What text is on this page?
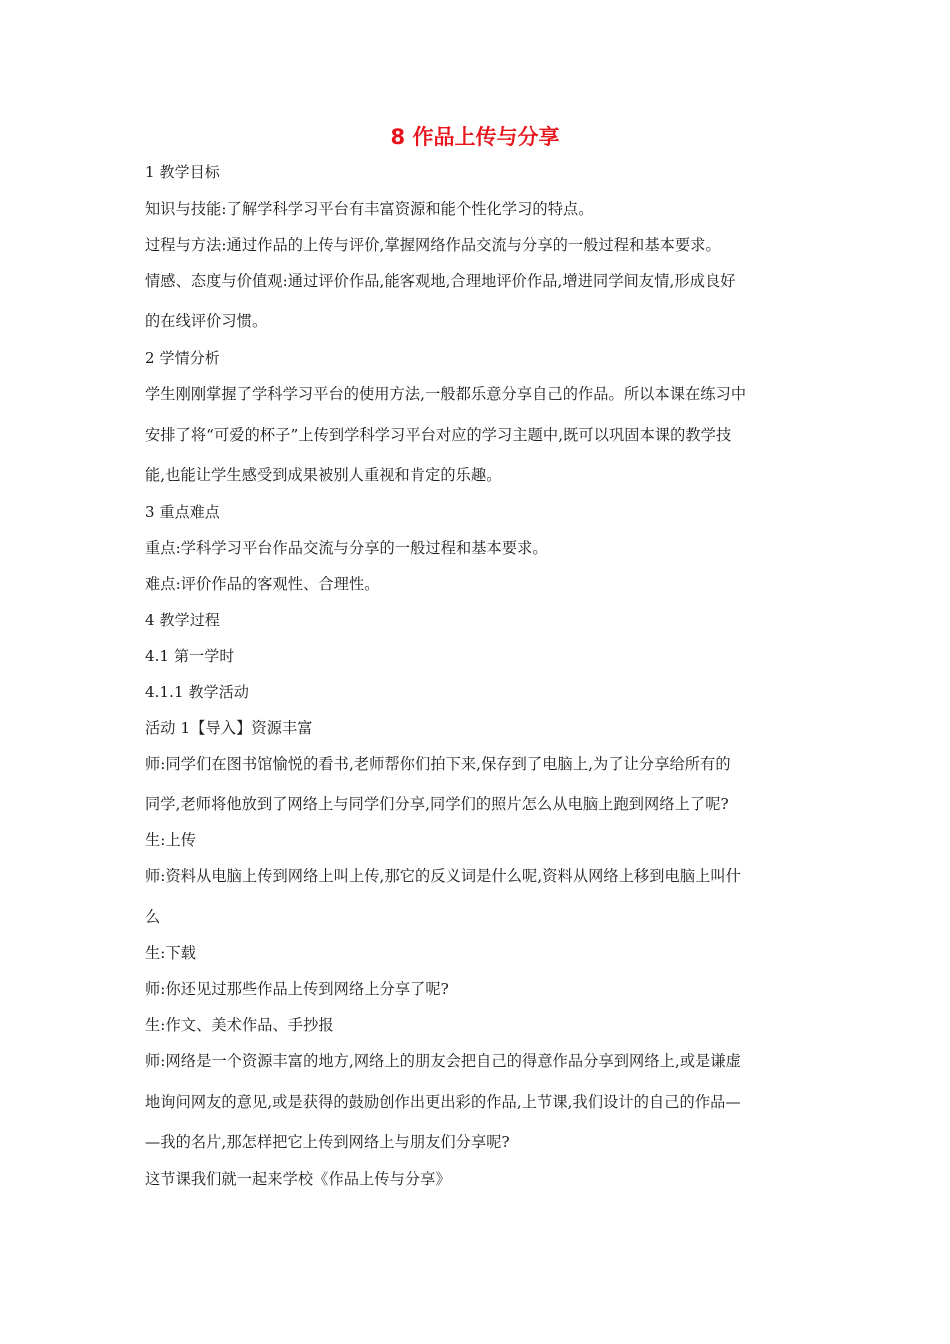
8 作品上传与分享

1 教学目标

知识与技能:了解学科学习平台有丰富资源和能个性化学习的特点。

过程与方法:通过作品的上传与评价,掌握网络作品交流与分享的一般过程和基本要求。

情感、态度与价值观:通过评价作品,能客观地,合理地评价作品,增进同学间友情,形成良好

的在线评价习惯。

2 学情分析

学生刚刚掌握了学科学习平台的使用方法,一般都乐意分享自己的作品。所以本课在练习中

安排了将“可爱的杯子”上传到学科学习平台对应的学习主题中,既可以巩固本课的教学技

能,也能让学生感受到成果被别人重视和肯定的乐趣。

3 重点难点

重点:学科学习平台作品交流与分享的一般过程和基本要求。

难点:评价作品的客观性、合理性。

4 教学过程

4.1 第一学时

4.1.1 教学活动

活动 1【导入】资源丰富

师:同学们在图书馆愉悦的看书,老师帮你们拍下来,保存到了电脑上,为了让分享给所有的

同学,老师将他放到了网络上与同学们分享,同学们的照片怎么从电脑上跑到网络上了呢?

生:上传

师:资料从电脑上传到网络上叫上传,那它的反义词是什么呢,资料从网络上移到电脑上叫什

么

生:下载

师:你还见过那些作品上传到网络上分享了呢?

生:作文、美术作品、手抄报

师:网络是一个资源丰富的地方,网络上的朋友会把自己的得意作品分享到网络上,或是谦虚

地询问网友的意见,或是获得的鼓励创作出更出彩的作品,上节课,我们设计的自己的作品—

—我的名片,那怎样把它上传到网络上与朋友们分享呢?

这节课我们就一起来学校《作品上传与分享》
